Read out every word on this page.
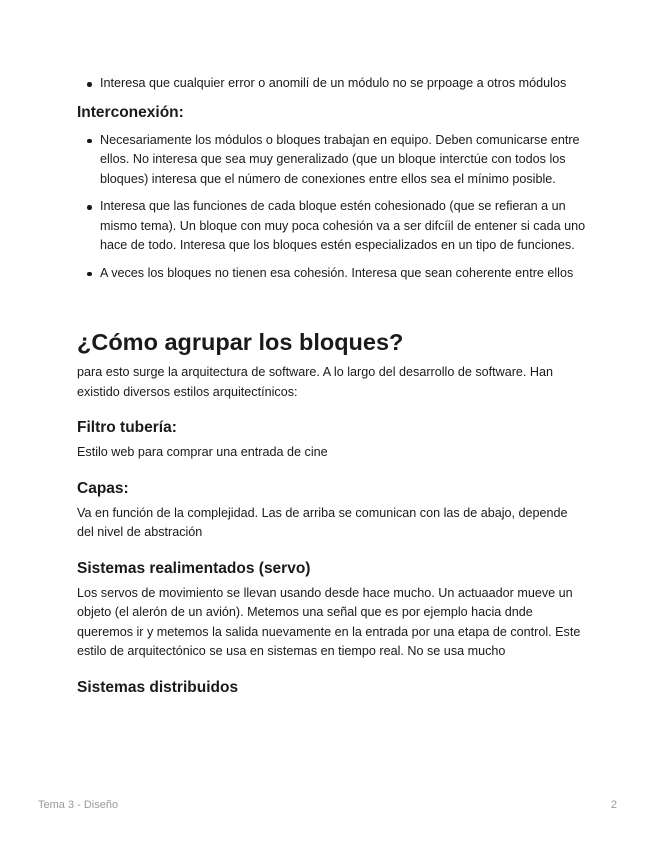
Interesa que cualquier error o anomilí de un módulo no se prpoage a otros módulos
Interconexión:
Necesariamente los módulos o bloques trabajan en equipo. Deben comunicarse entre ellos. No interesa que sea muy generalizado (que un bloque interctúe con todos los bloques) interesa que el número de conexiones entre ellos sea el mínimo posible.
Interesa que las funciones de cada bloque estén cohesionado (que se refieran a un mismo tema). Un bloque con muy poca cohesión va a ser difcíil de entener si cada uno hace de todo. Interesa que los bloques estén especializados en un tipo de funciones.
A veces los bloques no tienen esa cohesión. Interesa que sean coherente entre ellos
¿Cómo agrupar los bloques?

para esto surge la arquitectura de software. A lo largo del desarrollo de software. Han existido diversos estilos arquitectínicos:

Filtro tubería:

Estilo web para comprar una entrada de cine

Capas:

Va en función de la complejidad. Las de arriba se comunican con las de abajo, depende del nivel de abstración

Sistemas realimentados (servo)

Los servos de movimiento se llevan usando desde hace mucho. Un actuaador mueve un objeto (el alerón de un avión). Metemos una señal que es por ejemplo hacia dnde queremos ir y metemos la salida nuevamente en la entrada por una etapa de control. Este estilo de arquitectónico se usa en sistemas en tiempo real. No se usa mucho

Sistemas distribuidos
Tema 3 - Diseño	2
